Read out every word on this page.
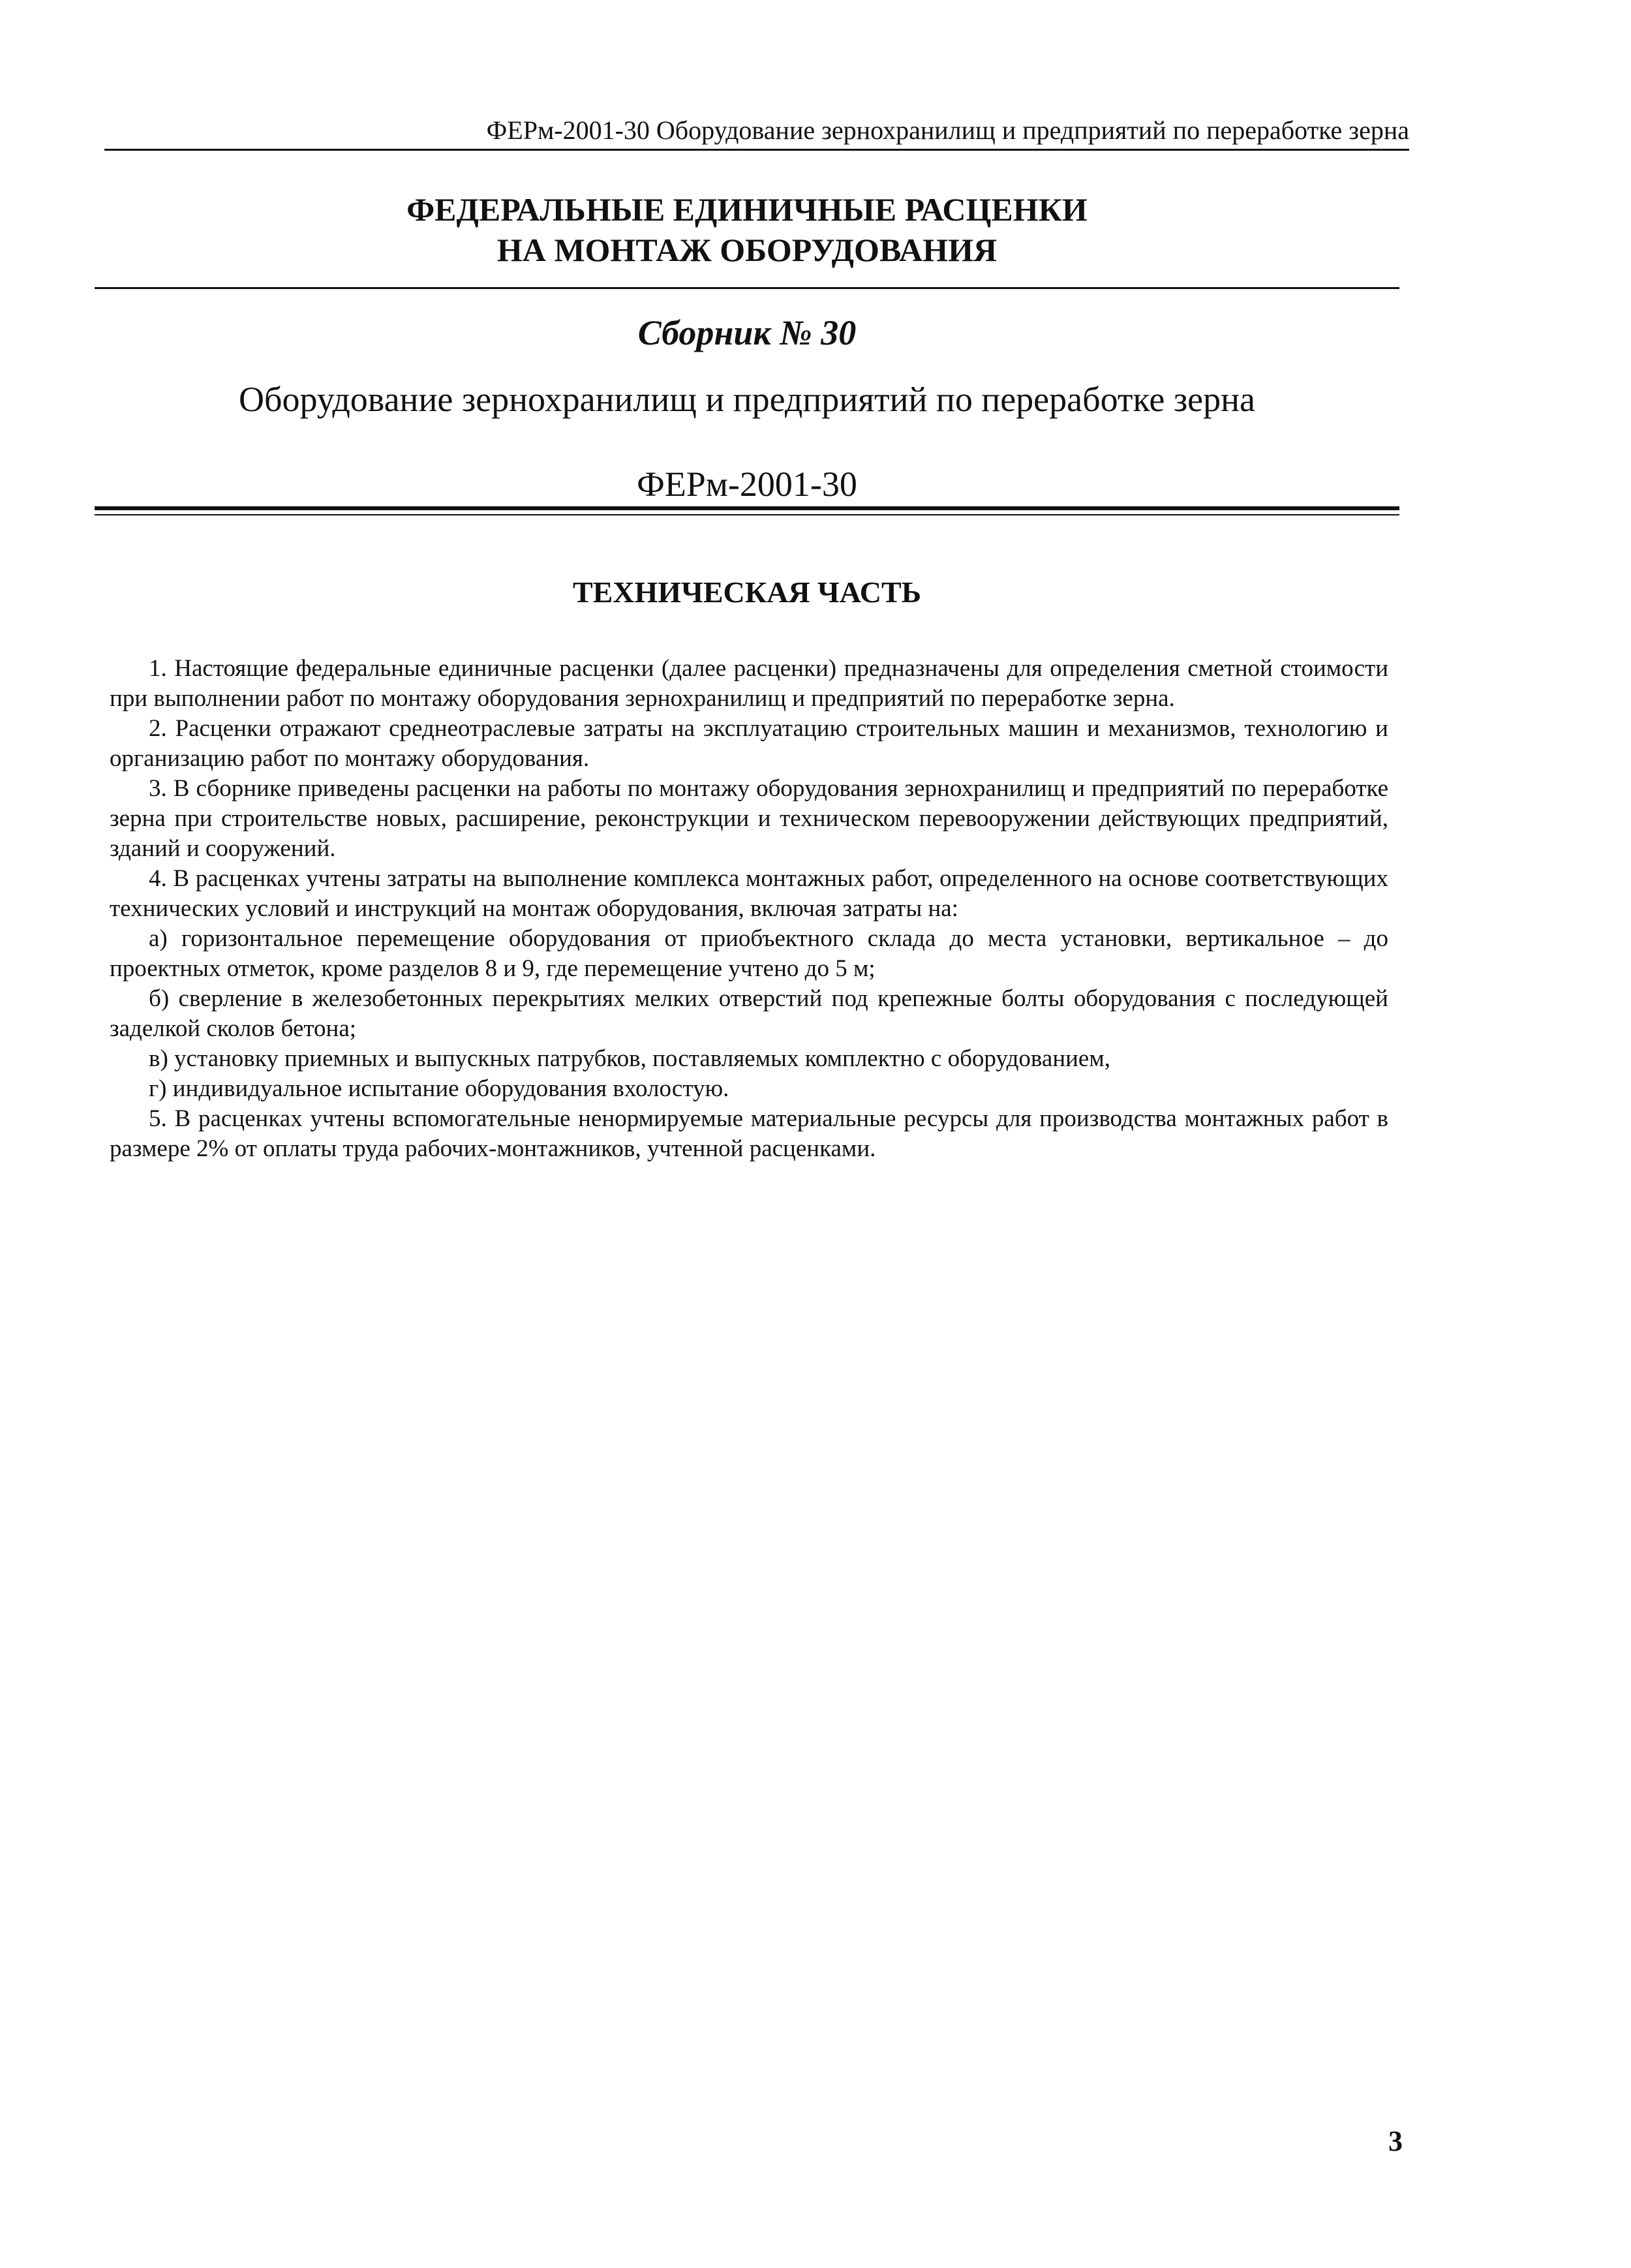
ФЕРм-2001-30 Оборудование зернохранилищ и предприятий по переработке зерна
ФЕДЕРАЛЬНЫЕ ЕДИНИЧНЫЕ РАСЦЕНКИ
НА МОНТАЖ ОБОРУДОВАНИЯ
Сборник № 30
Оборудование зернохранилищ и предприятий по переработке зерна
ФЕРм-2001-30
ТЕХНИЧЕСКАЯ ЧАСТЬ

1. Настоящие федеральные единичные расценки (далее расценки) предназначены для определения сметной стоимости при выполнении работ по монтажу оборудования зернохранилищ и предприятий по переработке зерна.

2. Расценки отражают среднеотраслевые затраты на эксплуатацию строительных машин и механизмов, технологию и организацию работ по монтажу оборудования.

3. В сборнике приведены расценки на работы по монтажу оборудования зернохранилищ и предприятий по переработке зерна при строительстве новых, расширение, реконструкции и техническом перевооружении действующих предприятий, зданий и сооружений.

4. В расценках учтены затраты на выполнение комплекса монтажных работ, определенного на основе соответствующих технических условий и инструкций на монтаж оборудования, включая затраты на:

а) горизонтальное перемещение оборудования от приобъектного склада до места установки, вертикальное – до проектных отметок, кроме разделов 8 и 9, где перемещение учтено до 5 м;

б) сверление в железобетонных перекрытиях мелких отверстий под крепежные болты оборудования с последующей заделкой сколов бетона;

в) установку приемных и выпускных патрубков, поставляемых комплектно с оборудованием,

г) индивидуальное испытание оборудования вхолостую.

5. В расценках учтены вспомогательные ненормируемые материальные ресурсы для производства монтажных работ в размере 2% от оплаты труда рабочих-монтажников, учтенной расценками.

3
